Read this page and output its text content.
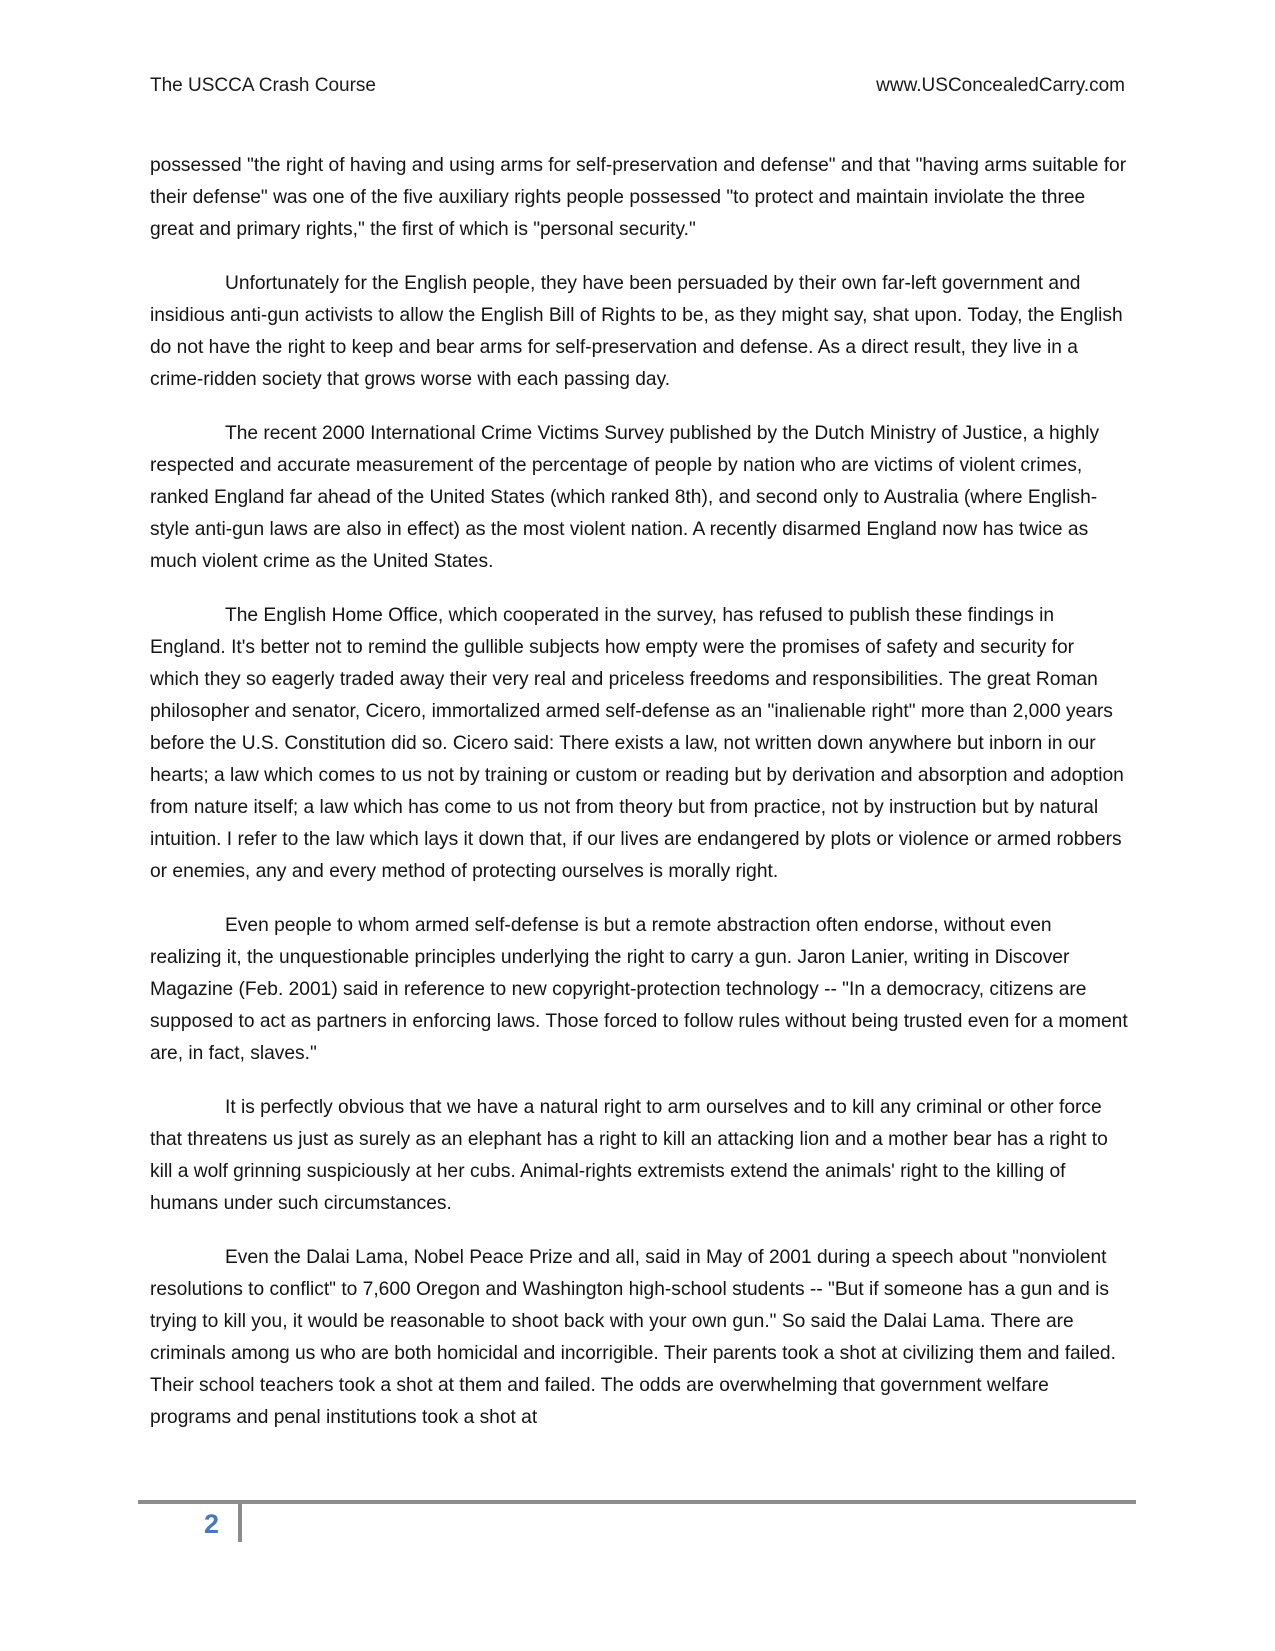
The USCCA Crash Course	www.USConcealedCarry.com

possessed "the right of having and using arms for self-preservation and defense" and that "having arms suitable for their defense" was one of the five auxiliary rights people possessed "to protect and maintain inviolate the three great and primary rights," the first of which is "personal security."

Unfortunately for the English people, they have been persuaded by their own far-left government and insidious anti-gun activists to allow the English Bill of Rights to be, as they might say, shat upon. Today, the English do not have the right to keep and bear arms for self-preservation and defense. As a direct result, they live in a crime-ridden society that grows worse with each passing day.

The recent 2000 International Crime Victims Survey published by the Dutch Ministry of Justice, a highly respected and accurate measurement of the percentage of people by nation who are victims of violent crimes, ranked England far ahead of the United States (which ranked 8th), and second only to Australia (where English-style anti-gun laws are also in effect) as the most violent nation. A recently disarmed England now has twice as much violent crime as the United States.

The English Home Office, which cooperated in the survey, has refused to publish these findings in England. It's better not to remind the gullible subjects how empty were the promises of safety and security for which they so eagerly traded away their very real and priceless freedoms and responsibilities. The great Roman philosopher and senator, Cicero, immortalized armed self-defense as an "inalienable right" more than 2,000 years before the U.S. Constitution did so. Cicero said: There exists a law, not written down anywhere but inborn in our hearts; a law which comes to us not by training or custom or reading but by derivation and absorption and adoption from nature itself; a law which has come to us not from theory but from practice, not by instruction but by natural intuition. I refer to the law which lays it down that, if our lives are endangered by plots or violence or armed robbers or enemies, any and every method of protecting ourselves is morally right.

Even people to whom armed self-defense is but a remote abstraction often endorse, without even realizing it, the unquestionable principles underlying the right to carry a gun. Jaron Lanier, writing in Discover Magazine (Feb. 2001) said in reference to new copyright-protection technology -- "In a democracy, citizens are supposed to act as partners in enforcing laws. Those forced to follow rules without being trusted even for a moment are, in fact, slaves."

It is perfectly obvious that we have a natural right to arm ourselves and to kill any criminal or other force that threatens us just as surely as an elephant has a right to kill an attacking lion and a mother bear has a right to kill a wolf grinning suspiciously at her cubs. Animal-rights extremists extend the animals' right to the killing of humans under such circumstances.

Even the Dalai Lama, Nobel Peace Prize and all, said in May of 2001 during a speech about "nonviolent resolutions to conflict" to 7,600 Oregon and Washington high-school students -- "But if someone has a gun and is trying to kill you, it would be reasonable to shoot back with your own gun." So said the Dalai Lama. There are criminals among us who are both homicidal and incorrigible. Their parents took a shot at civilizing them and failed. Their school teachers took a shot at them and failed. The odds are overwhelming that government welfare programs and penal institutions took a shot at

2
